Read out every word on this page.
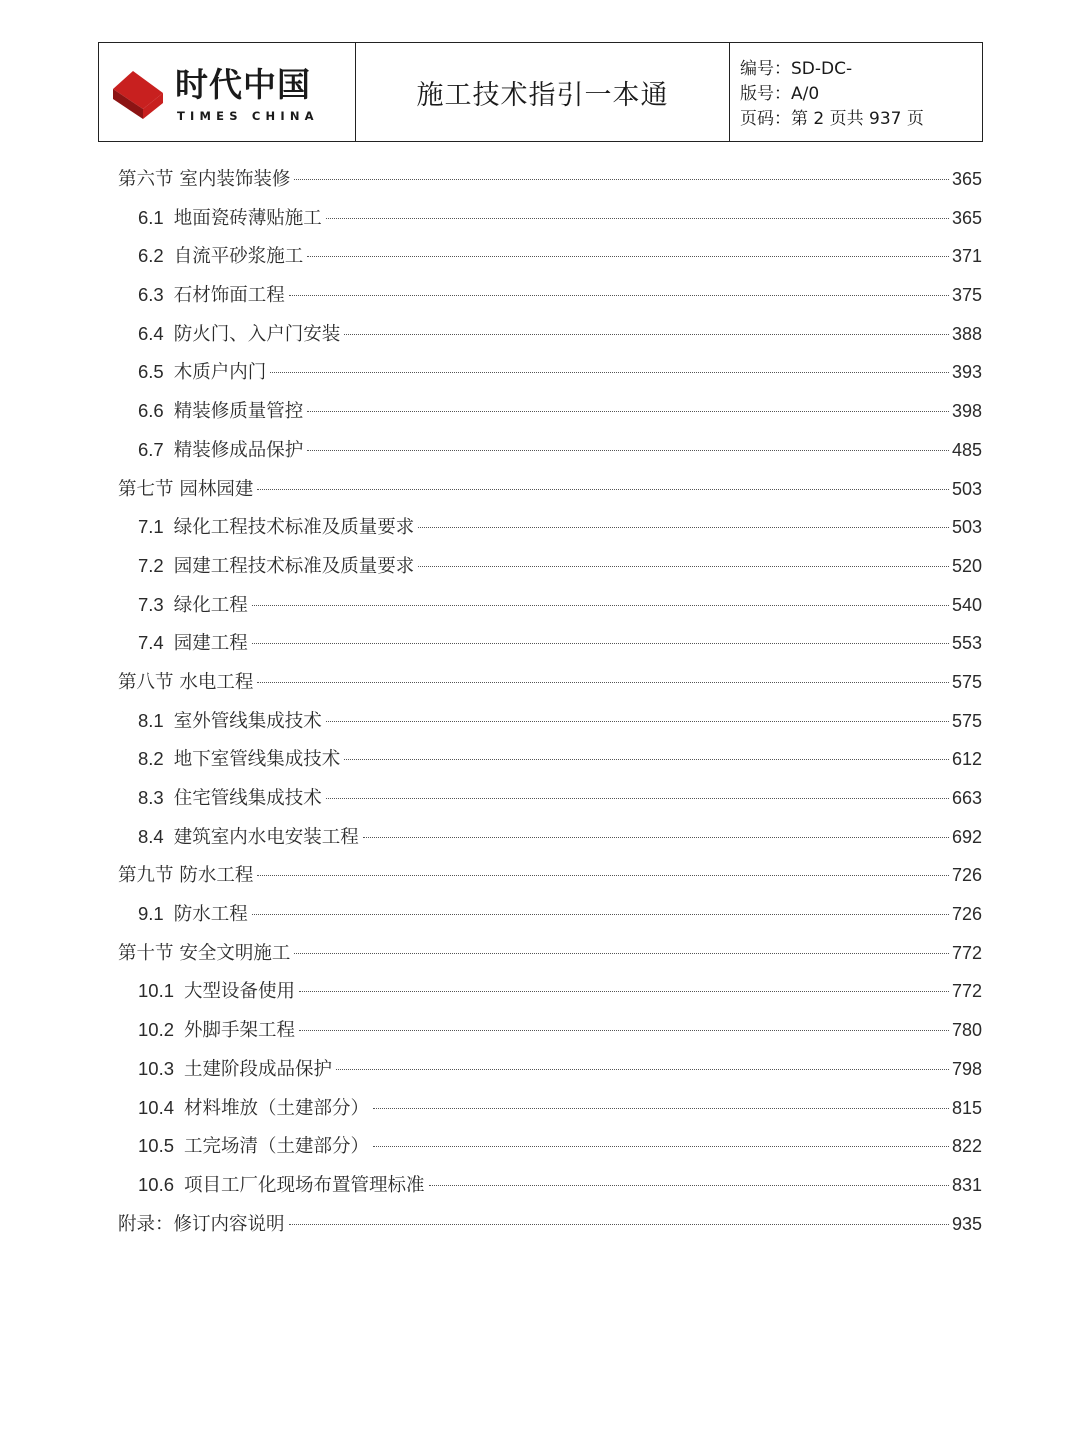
时代中国
TIMES CHINA
施工技术指引一本通
编号：SD-DC-
版号：A/0
页码：第 2 页共 937 页
第六节 室内装饰装修	365
6.1 地面瓷砖薄贴施工	365
6.2 自流平砂浆施工	371
6.3 石材饰面工程	375
6.4 防火门、入户门安装	388
6.5 木质户内门	393
6.6 精装修质量管控	398
6.7 精装修成品保护	485
第七节 园林园建	503
7.1 绿化工程技术标准及质量要求	503
7.2 园建工程技术标准及质量要求	520
7.3 绿化工程	540
7.4 园建工程	553
第八节 水电工程	575
8.1 室外管线集成技术	575
8.2 地下室管线集成技术	612
8.3 住宅管线集成技术	663
8.4 建筑室内水电安装工程	692
第九节 防水工程	726
9.1 防水工程	726
第十节 安全文明施工	772
10.1 大型设备使用	772
10.2 外脚手架工程	780
10.3 土建阶段成品保护	798
10.4 材料堆放（土建部分）	815
10.5 工完场清（土建部分）	822
10.6 项目工厂化现场布置管理标准	831
附录：修订内容说明	935
